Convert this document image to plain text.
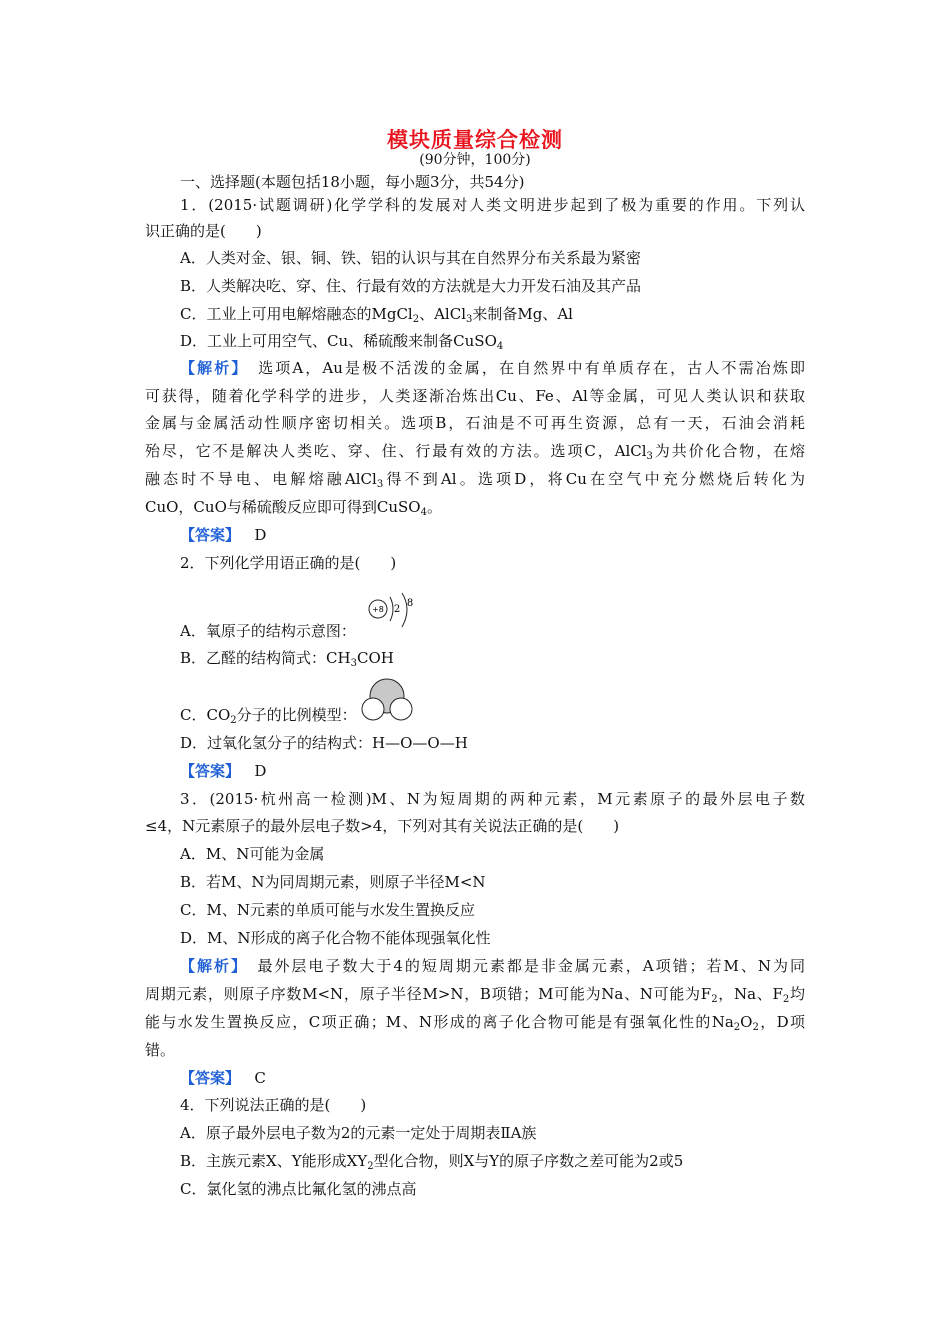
模块质量综合检测
(90分钟，100分)
一、选择题(本题包括18小题，每小题3分，共54分)
1．(2015·试题调研)化学学科的发展对人类文明进步起到了极为重要的作用。下列认
识正确的是(　　)
A．人类对金、银、铜、铁、铝的认识与其在自然界分布关系最为紧密
B．人类解决吃、穿、住、行最有效的方法就是大力开发石油及其产品
C．工业上可用电解熔融态的MgCl$_2$、AlCl$_3$来制备Mg、Al
D．工业上可用空气、Cu、稀硫酸来制备CuSO$_4$
【解析】　选项A，Au是极不活泼的金属，在自然界中有单质存在，古人不需冶炼即
可获得，随着化学科学的进步，人类逐渐冶炼出Cu、Fe、Al等金属，可见人类认识和获取
金属与金属活动性顺序密切相关。选项B，石油是不可再生资源，总有一天，石油会消耗
殆尽，它不是解决人类吃、穿、住、行最有效的方法。选项C，AlCl$_3$为共价化合物，在熔
融态时不导电、电解熔融AlCl$_3$得不到Al。选项D，将Cu在空气中充分燃烧后转化为
CuO，CuO与稀硫酸反应即可得到CuSO$_4$。
【答案】 D
2．下列化学用语正确的是(　　)
+8 2
8
A．氧原子的结构示意图：
B．乙醛的结构简式：$CH_3COH$
C．$CO_2$分子的比例模型：
D．过氧化氢分子的结构式：H—O—O—H
【答案】 D
3．(2015·杭州高一检测)M、N为短周期的两种元素，M元素原子的最外层电子数
≤4，N元素原子的最外层电子数>4，下列对其有关说法正确的是(　　)
A．M、N可能为金属
B．若M、N为同周期元素，则原子半径M<N
C．M、N元素的单质可能与水发生置换反应
D．M、N形成的离子化合物不能体现强氧化性
【解析】　最外层电子数大于4的短周期元素都是非金属元素，A项错；若M、N为同
周期元素，则原子序数M<N，原子半径M>N，B项错；M可能为Na、N可能为$F_2$，Na、$F_2$均
能与水发生置换反应，C项正确；M、N形成的离子化合物可能是有强氧化性的$Na_2O_2$，D项
错。
【答案】 C
4．下列说法正确的是(　　)
A．原子最外层电子数为2的元素一定处于周期表ⅡA族
B．主族元素X、Y能形成$XY_2$型化合物，则X与Y的原子序数之差可能为2或5
C．氯化氢的沸点比氟化氢的沸点高
